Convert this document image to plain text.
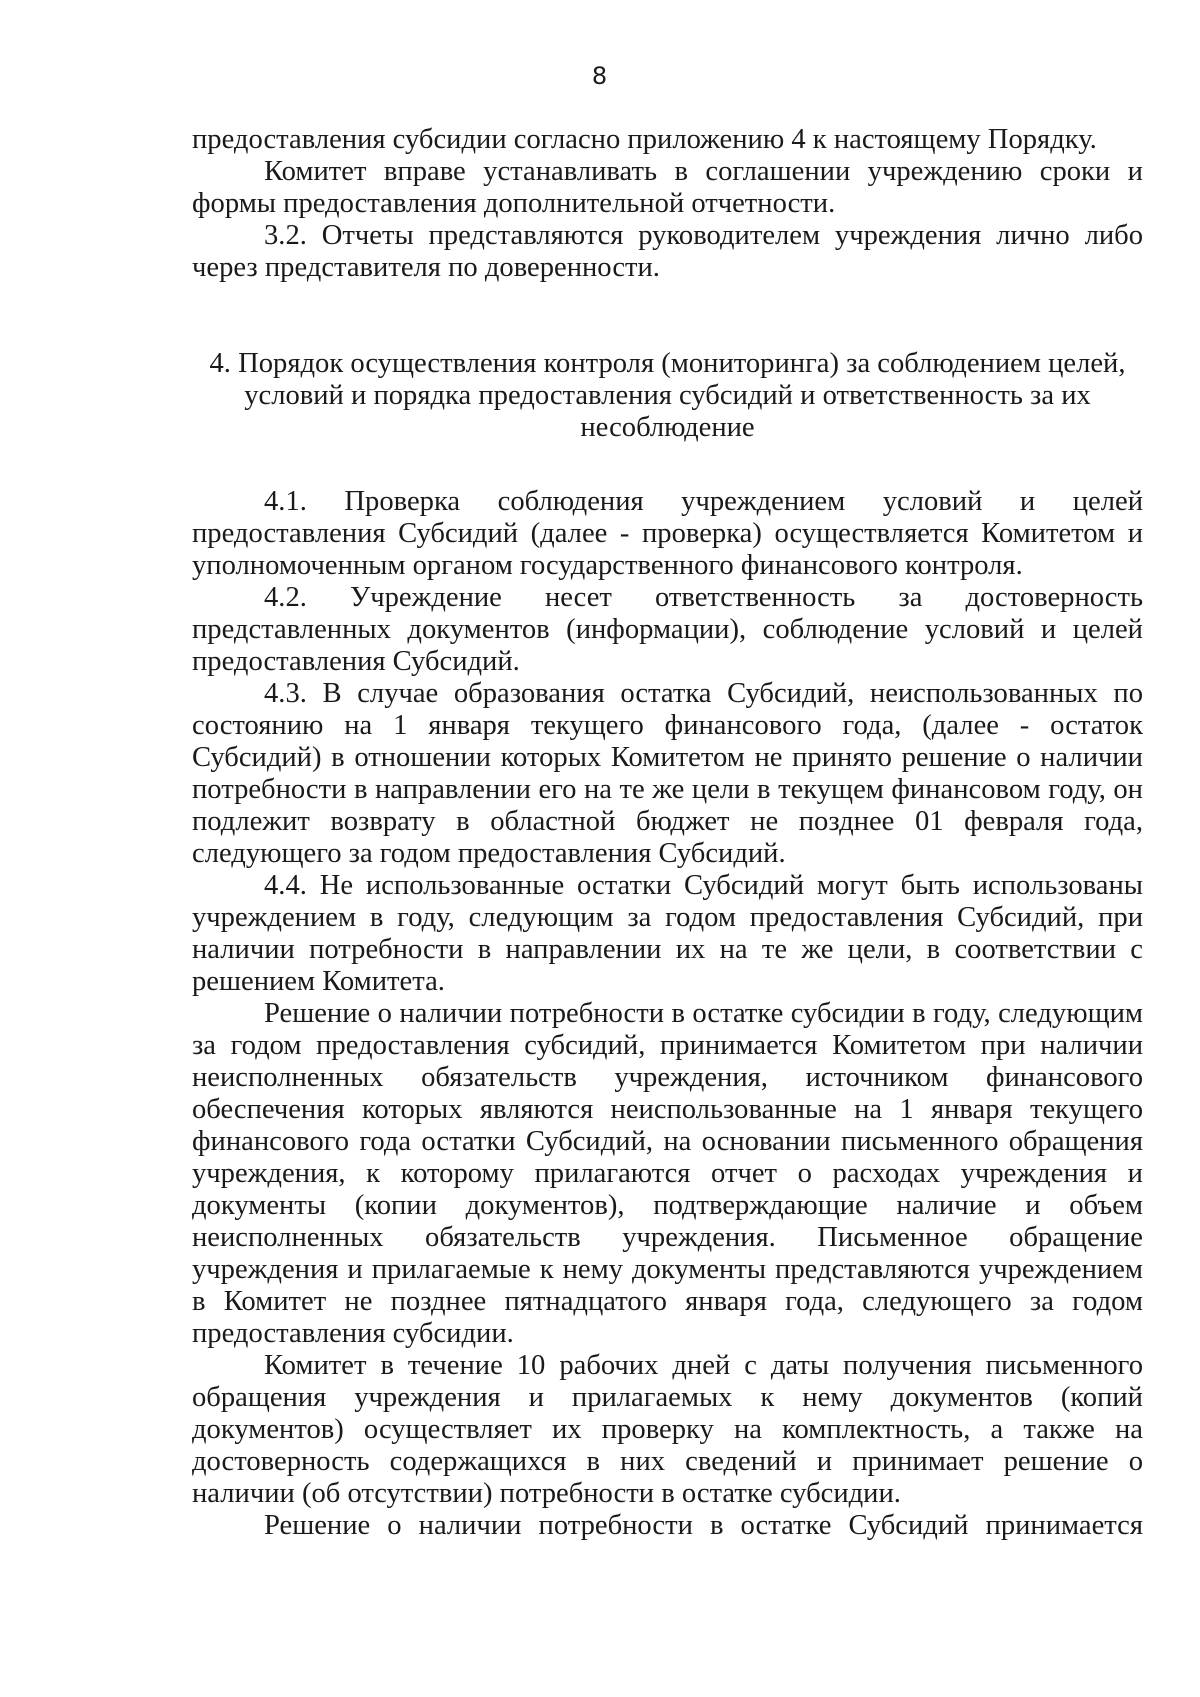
8
предоставления субсидии согласно приложению 4 к настоящему Порядку.
Комитет вправе устанавливать в соглашении учреждению сроки и
формы предоставления дополнительной отчетности.
3.2. Отчеты представляются руководителем учреждения лично либо
через представителя по доверенности.
4. Порядок осуществления контроля (мониторинга) за соблюдением целей,
условий и порядка предоставления субсидий и ответственность за их
несоблюдение
4.1. Проверка соблюдения учреждением условий и целей
предоставления Субсидий (далее - проверка) осуществляется Комитетом и
уполномоченным органом государственного финансового контроля.
4.2. Учреждение несет ответственность за достоверность
представленных документов (информации), соблюдение условий и целей
предоставления Субсидий.
4.3. В случае образования остатка Субсидий, неиспользованных по
состоянию на 1 января текущего финансового года, (далее - остаток
Субсидий) в отношении которых Комитетом не принято решение о наличии
потребности в направлении его на те же цели в текущем финансовом году, он
подлежит возврату в областной бюджет не позднее 01 февраля года,
следующего за годом предоставления Субсидий.
4.4. Не использованные остатки Субсидий могут быть использованы
учреждением в году, следующим за годом предоставления Субсидий, при
наличии потребности в направлении их на те же цели, в соответствии с
решением Комитета.
Решение о наличии потребности в остатке субсидии в году, следующим
за годом предоставления субсидий, принимается Комитетом при наличии
неисполненных обязательств учреждения, источником финансового
обеспечения которых являются неиспользованные на 1 января текущего
финансового года остатки Субсидий, на основании письменного обращения
учреждения, к которому прилагаются отчет о расходах учреждения и
документы (копии документов), подтверждающие наличие и объем
неисполненных обязательств учреждения. Письменное обращение
учреждения и прилагаемые к нему документы представляются учреждением
в Комитет не позднее пятнадцатого января года, следующего за годом
предоставления субсидии.
Комитет в течение 10 рабочих дней с даты получения письменного
обращения учреждения и прилагаемых к нему документов (копий
документов) осуществляет их проверку на комплектность, а также на
достоверность содержащихся в них сведений и принимает решение о
наличии (об отсутствии) потребности в остатке субсидии.
Решение о наличии потребности в остатке Субсидий принимается
